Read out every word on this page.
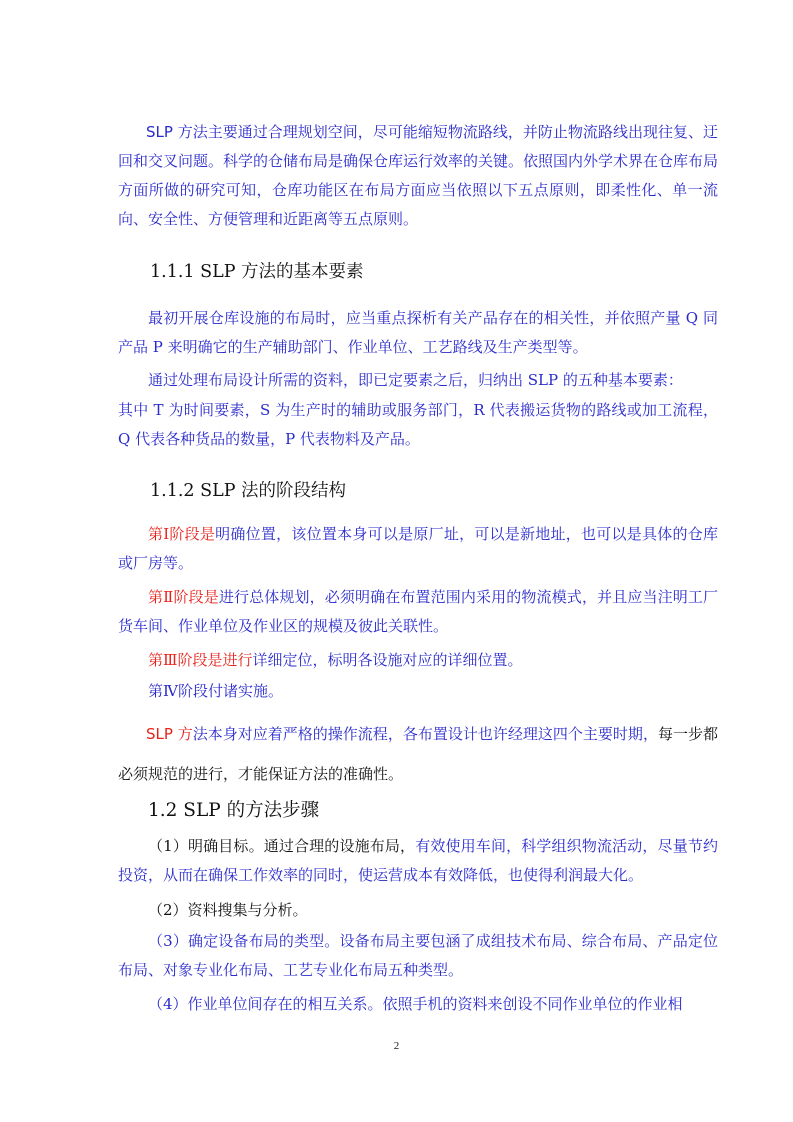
SLP 方法主要通过合理规划空间，尽可能缩短物流路线，并防止物流路线出现往复、迂回和交叉问题。科学的仓储布局是确保仓库运行效率的关键。依照国内外学术界在仓库布局方面所做的研究可知，仓库功能区在布局方面应当依照以下五点原则，即柔性化、单一流向、安全性、方便管理和近距离等五点原则。

1.1.1 SLP 方法的基本要素

最初开展仓库设施的布局时，应当重点探析有关产品存在的相关性，并依照产量 Q 同产品 P 来明确它的生产辅助部门、作业单位、工艺路线及生产类型等。

通过处理布局设计所需的资料，即已定要素之后，归纳出 SLP 的五种基本要素：

其中 T 为时间要素，S 为生产时的辅助或服务部门，R 代表搬运货物的路线或加工流程，Q 代表各种货品的数量，P 代表物料及产品。

1.1.2 SLP 法的阶段结构

第Ⅰ阶段是明确位置，该位置本身可以是原厂址，可以是新地址，也可以是具体的仓库或厂房等。

第Ⅱ阶段是进行总体规划，必须明确在布置范围内采用的物流模式，并且应当注明工厂货车间、作业单位及作业区的规模及彼此关联性。

第Ⅲ阶段是进行详细定位，标明各设施对应的详细位置。

第Ⅳ阶段付诸实施。

SLP 方法本身对应着严格的操作流程，各布置设计也许经理这四个主要时期，每一步都必须规范的进行，才能保证方法的准确性。

1.2 SLP 的方法步骤

（1）明确目标。通过合理的设施布局，有效使用车间，科学组织物流活动，尽量节约投资，从而在确保工作效率的同时，使运营成本有效降低，也使得利润最大化。

（2）资料搜集与分析。

（3）确定设备布局的类型。设备布局主要包涵了成组技术布局、综合布局、产品定位布局、对象专业化布局、工艺专业化布局五种类型。

（4）作业单位间存在的相互关系。依照手机的资料来创设不同作业单位的作业相

2
